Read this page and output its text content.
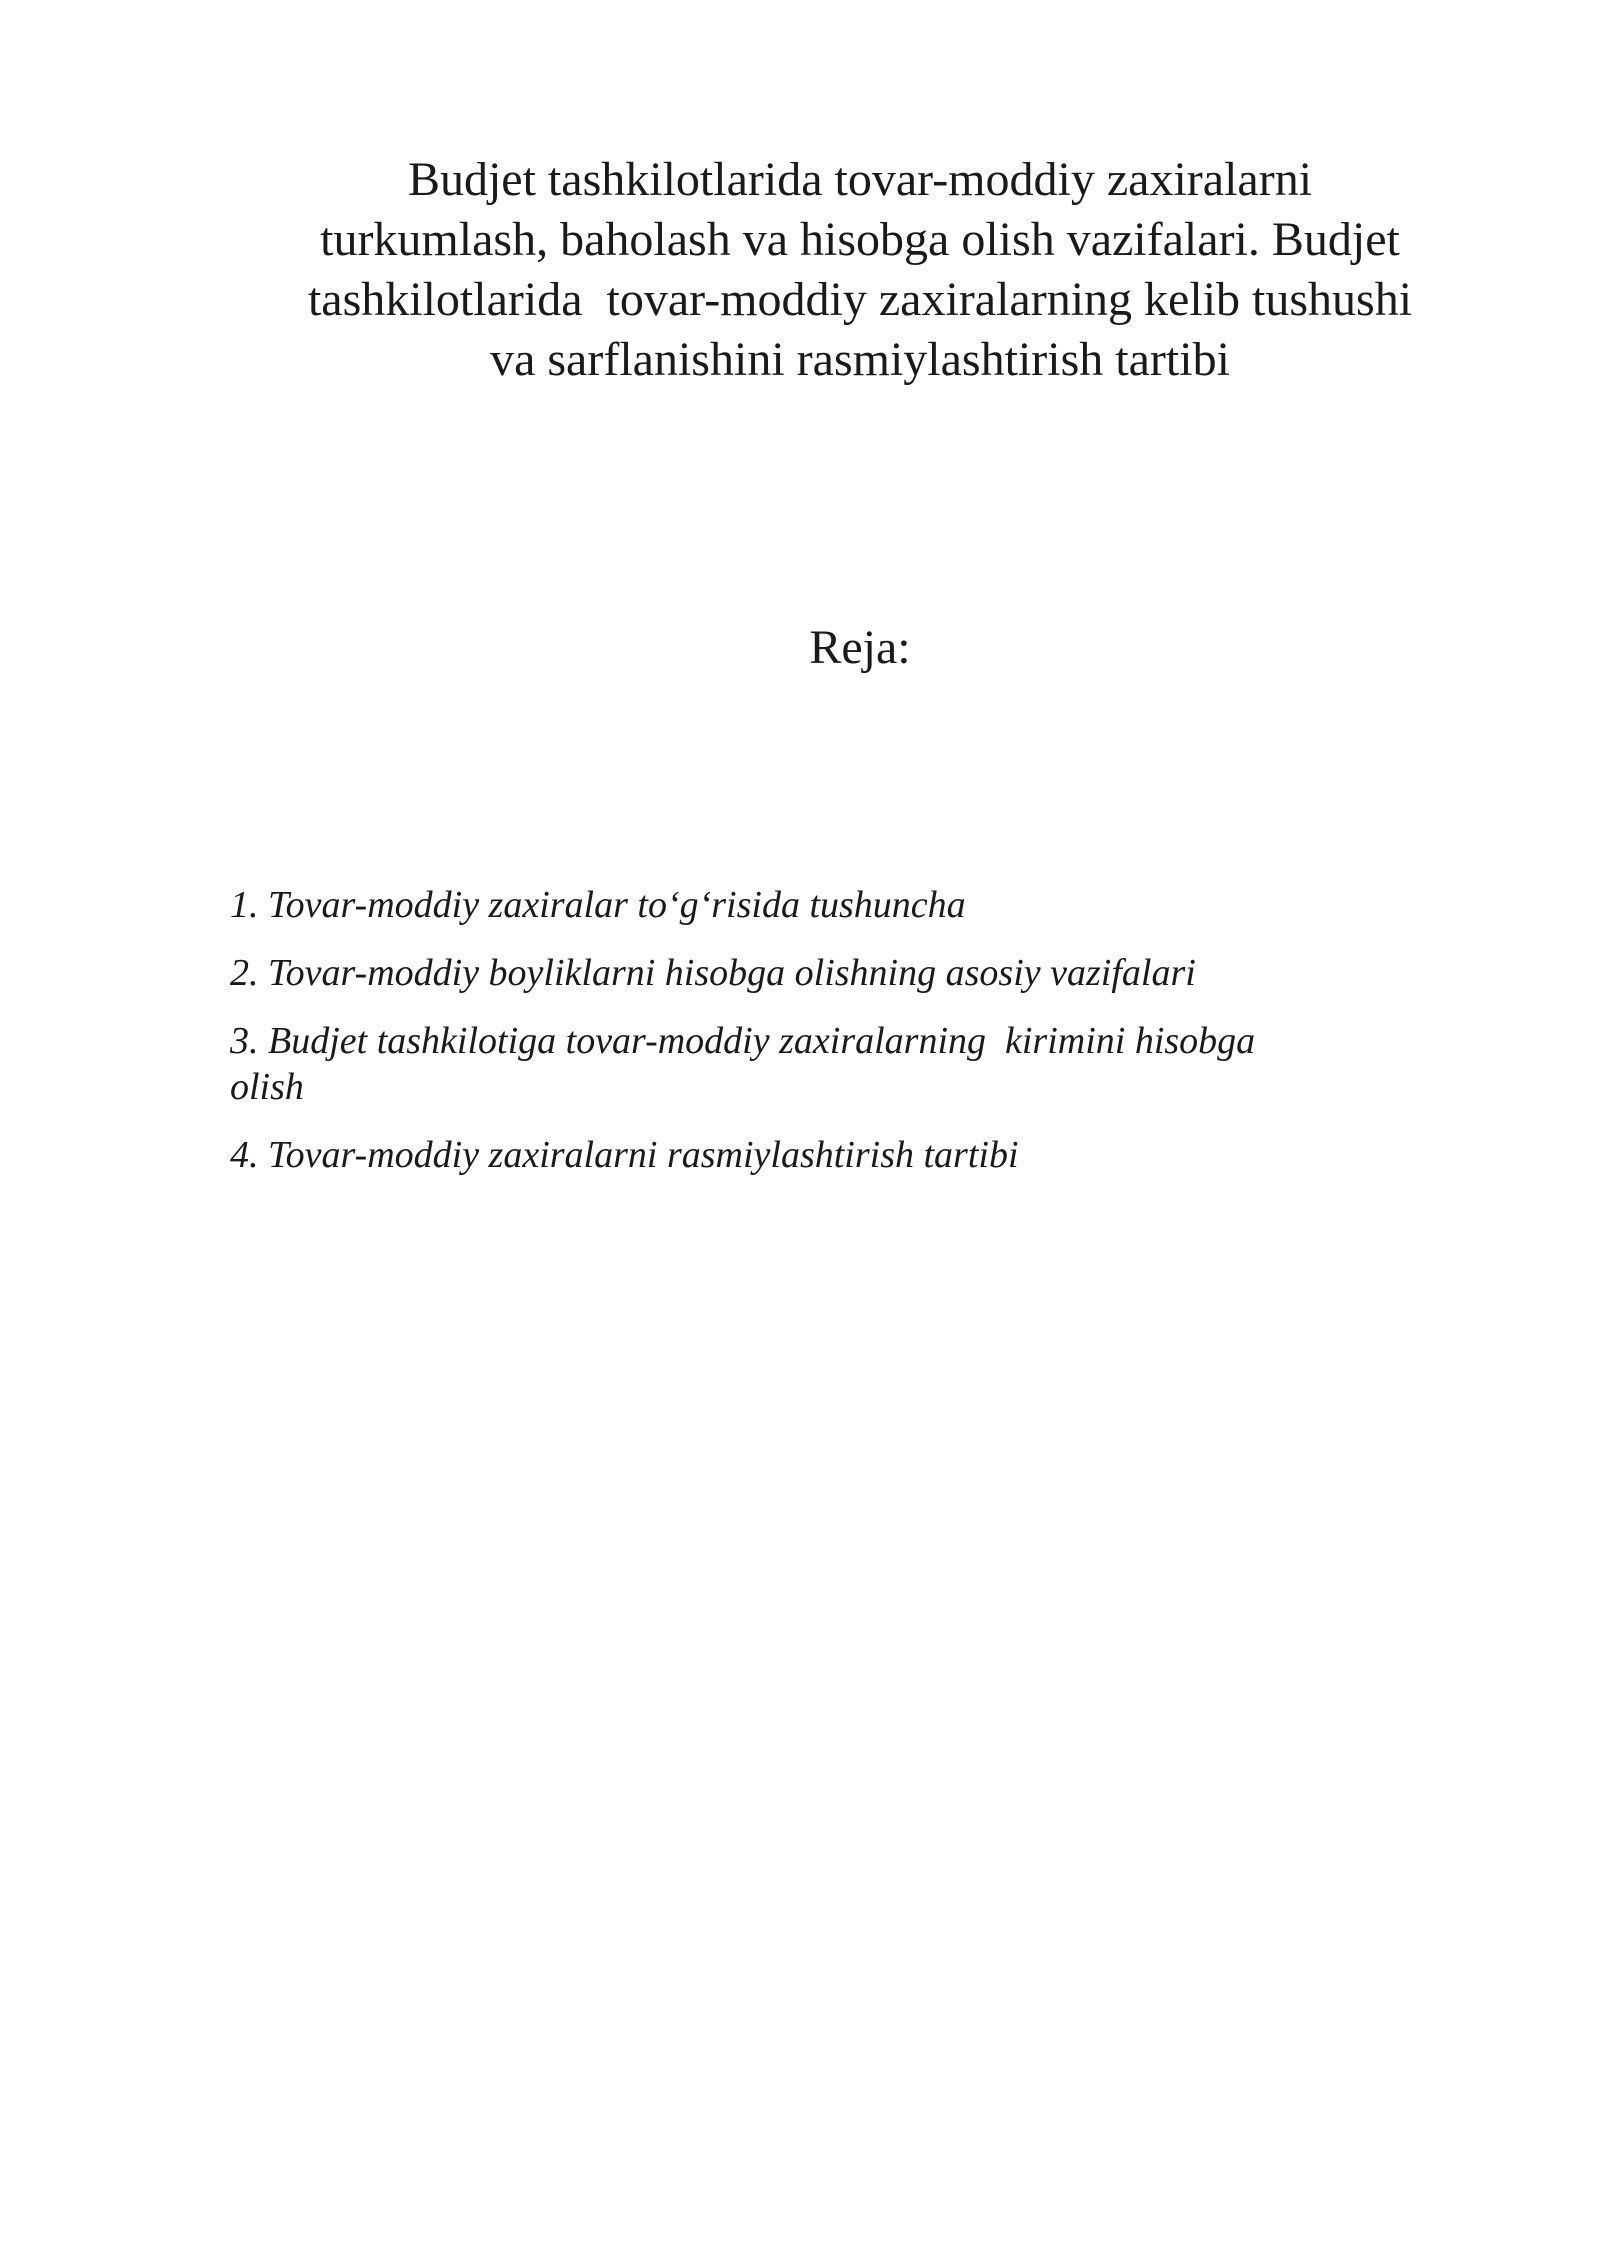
Budjet tashkilotlarida tovar-moddiy zaxiralarni
turkumlash, baholash va hisobga olish vazifalari. Budjet
tashkilotlarida  tovar-moddiy zaxiralarning kelib tushushi
va sarflanishini rasmiylashtirish tartibi
Reja:
1. Tovar-moddiy zaxiralar to‘g‘risida tushuncha
2. Tovar-moddiy boyliklarni hisobga olishning asosiy vazifalari
3. Budjet tashkilotiga tovar-moddiy zaxiralarning  kirimini hisobga
olish
4. Tovar-moddiy zaxiralarni rasmiylashtirish tartibi
